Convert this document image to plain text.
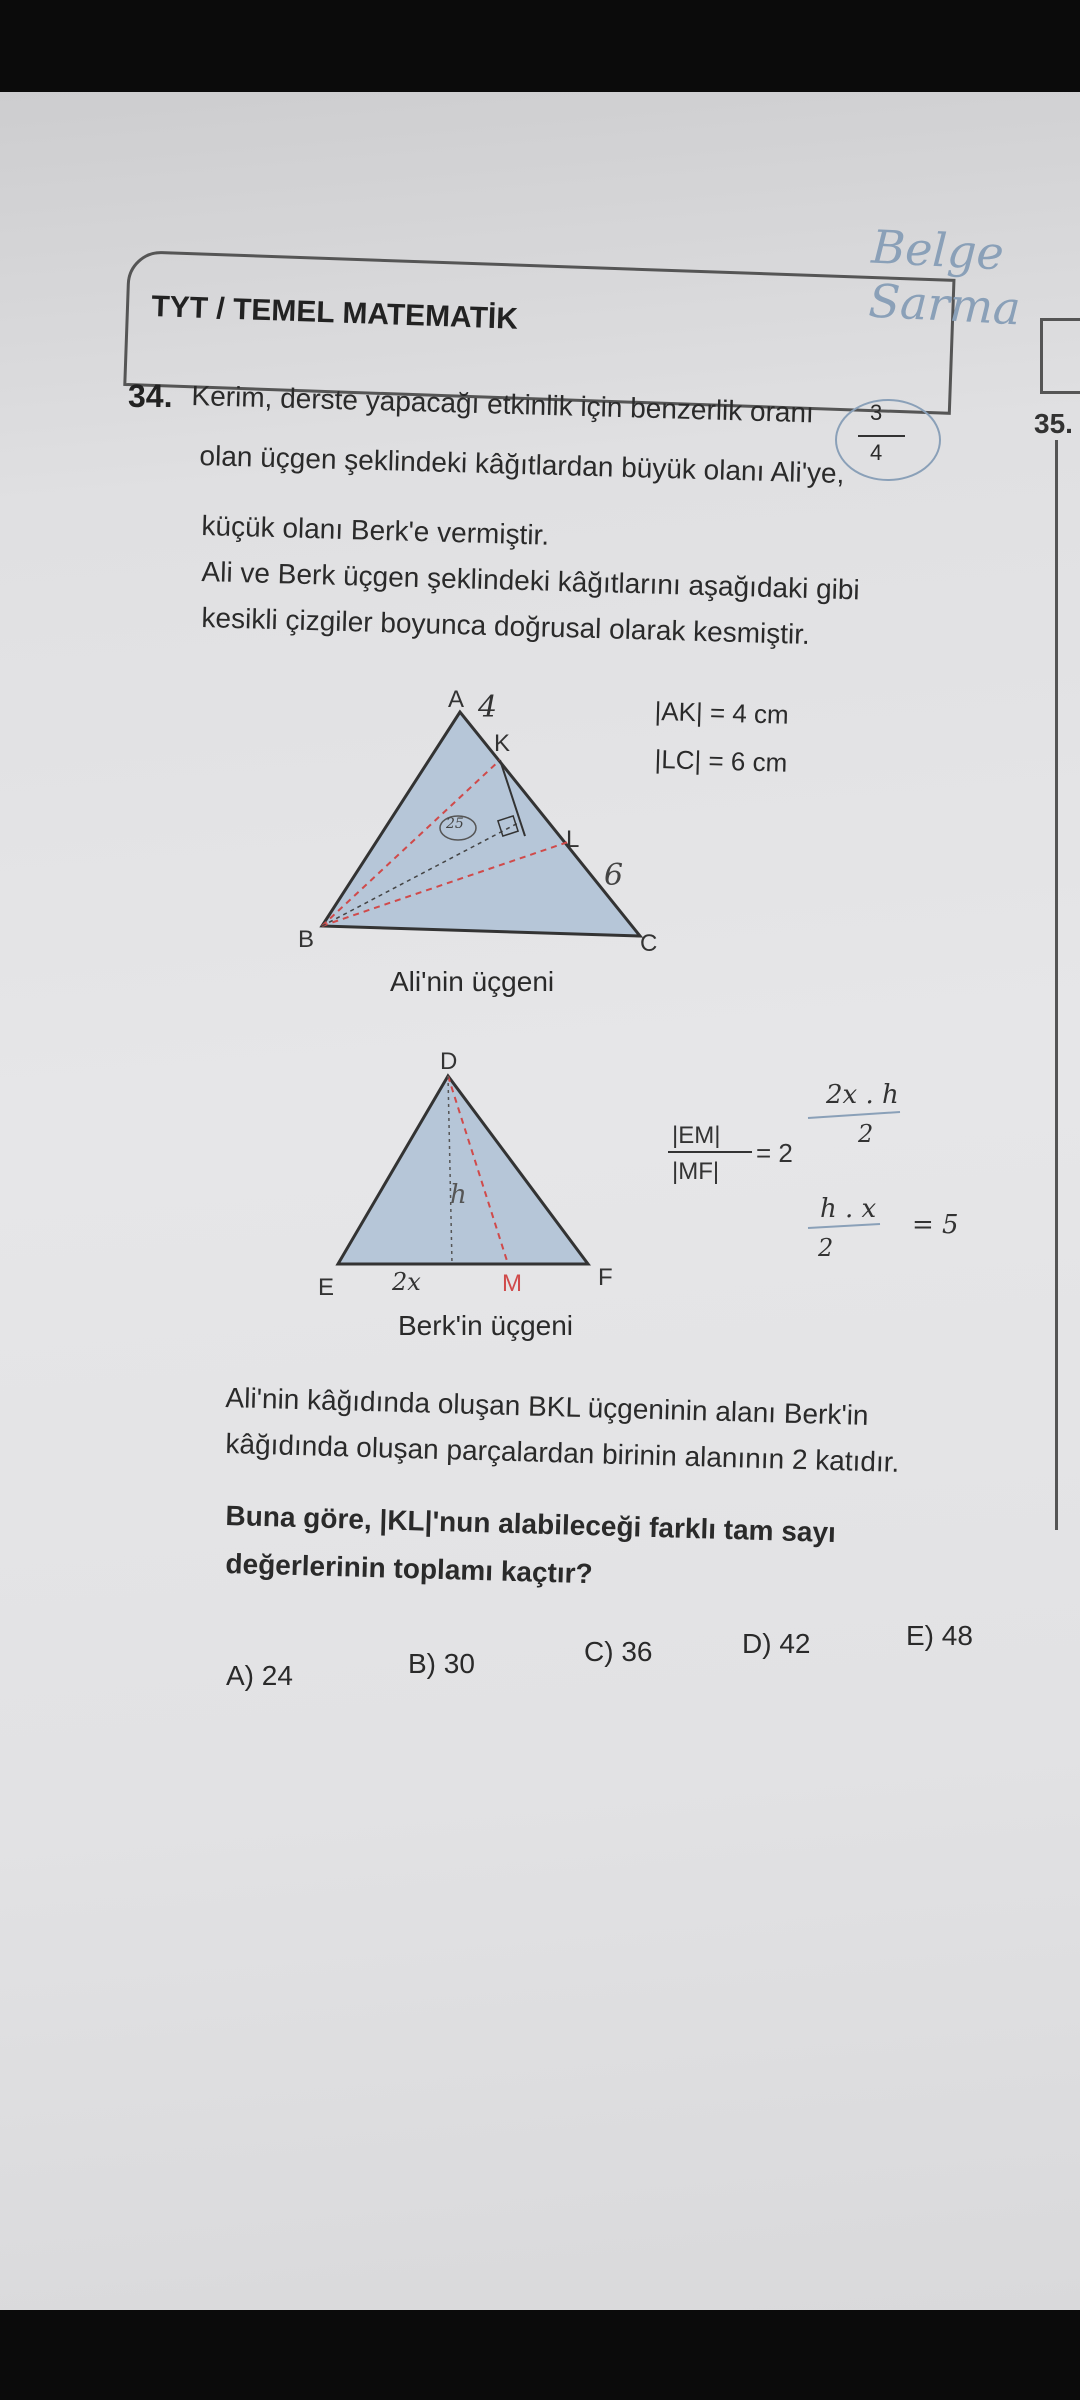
TYT / TEMEL MATEMATİK
Belge Sarma
35.
34. Kerim, derste yapacağı etkinlik için benzerlik oranı	3
4
olan üçgen şeklindeki kâğıtlardan büyük olanı Ali'ye,
küçük olanı Berk'e vermiştir.
Ali ve Berk üçgen şeklindeki kâğıtlarını aşağıdaki gibi
kesikli çizgiler boyunca doğrusal olarak kesmiştir.
|AK| = 4 cm
|LC| = 6 cm
A
B	C
K
L
4
6
25
Ali'nin üçgeni
D
E	F
M
h
2x
Berk'in üçgeni
|EM|
|MF|
= 2
2x . h
2
h . x
2
= 5
Ali'nin kâğıdında oluşan BKL üçgeninin alanı Berk'in
kâğıdında oluşan parçalardan birinin alanının 2 katıdır.
Buna göre, |KL|'nun alabileceği farklı tam sayı
değerlerinin toplamı kaçtır?
A) 24	B) 30	C) 36	D) 42	E) 48
